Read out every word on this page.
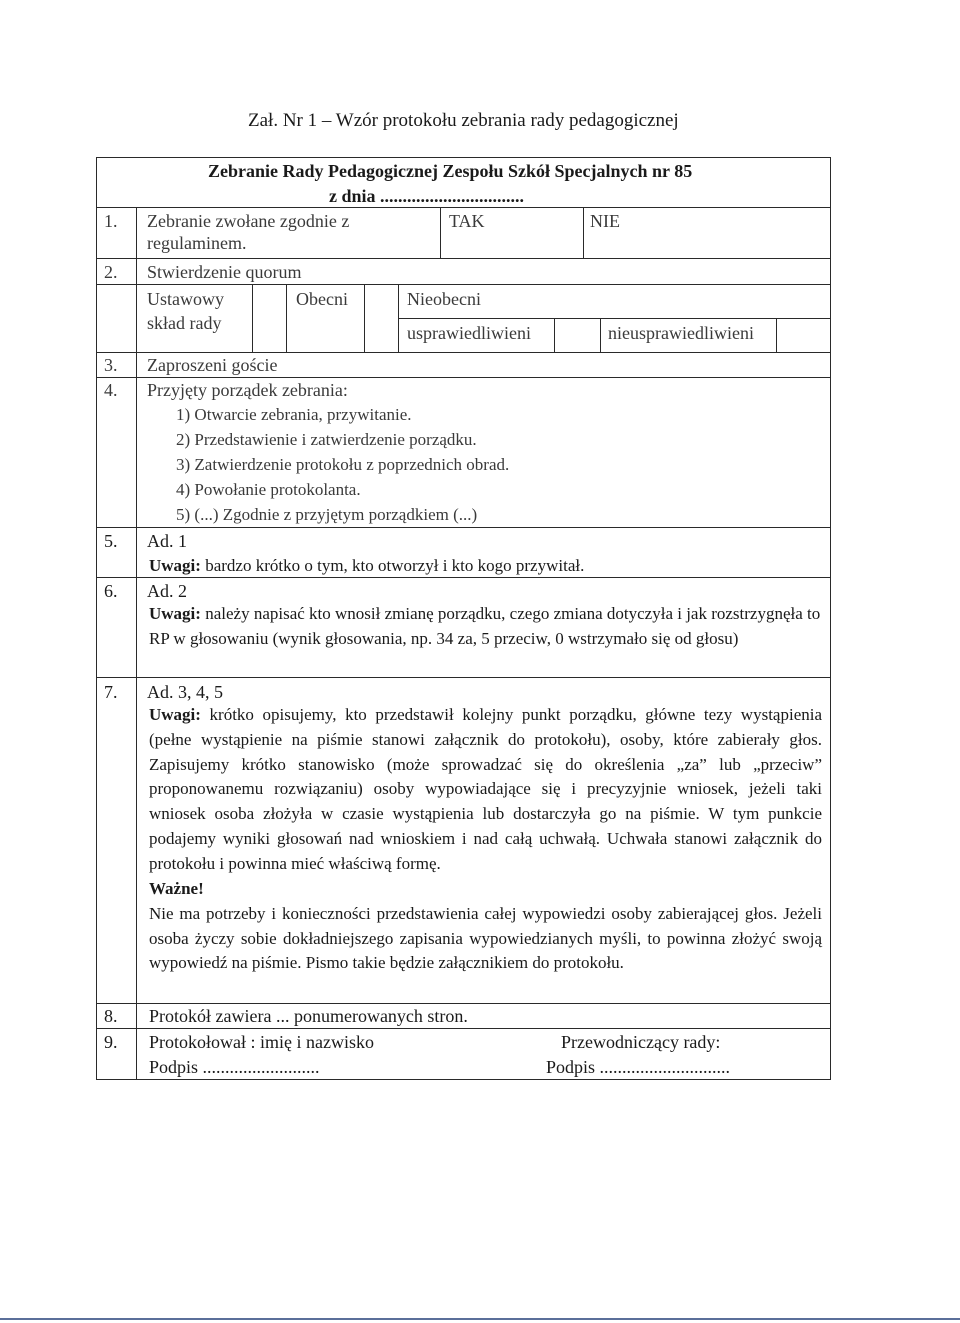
Zał. Nr 1 – Wzór protokołu zebrania rady pedagogicznej
Zebranie Rady Pedagogicznej Zespołu Szkół Specjalnych nr 85
z dnia ................................
1. Zebranie zwołane zgodnie z
regulaminem.
TAK	NIE
2. Stwierdzenie quorum
Ustawowy
skład rady
Obecni	Nieobecni
usprawiedliwieni	nieusprawiedliwieni
3. Zaproszeni goście
4. Przyjęty porządek zebrania:
1) Otwarcie zebrania, przywitanie.
2) Przedstawienie i zatwierdzenie porządku.
3) Zatwierdzenie protokołu z poprzednich obrad.
4) Powołanie protokolanta.
5) (...) Zgodnie z przyjętym porządkiem (...)
5. Ad. 1
Uwagi: bardzo krótko o tym, kto otworzył i kto kogo przywitał.
6. Ad. 2
Uwagi: należy napisać kto wnosił zmianę porządku, czego zmiana dotyczyła i jak rozstrzygnęła to RP w głosowaniu (wynik głosowania, np. 34 za, 5 przeciw, 0 wstrzymało się od głosu)
7. Ad. 3, 4, 5
Uwagi: krótko opisujemy, kto przedstawił kolejny punkt porządku, główne tezy wystąpienia (pełne wystąpienie na piśmie stanowi załącznik do protokołu), osoby, które zabierały głos. Zapisujemy krótko stanowisko (może sprowadzać się do określenia „za” lub „przeciw” proponowanemu rozwiązaniu) osoby wypowiadające się i precyzyjnie wniosek, jeżeli taki wniosek osoba złożyła w czasie wystąpienia lub dostarczyła go na piśmie. W tym punkcie podajemy wyniki głosowań nad wnioskiem i nad całą uchwałą. Uchwała stanowi załącznik do protokołu i powinna mieć właściwą formę.
Ważne!
Nie ma potrzeby i konieczności przedstawienia całej wypowiedzi osoby zabierającej głos. Jeżeli osoba życzy sobie dokładniejszego zapisania wypowiedzianych myśli, to powinna złożyć swoją wypowiedź na piśmie. Pismo takie będzie załącznikiem do protokołu.
8. Protokół zawiera ... ponumerowanych stron.
9. Protokołował : imię i nazwisko
Podpis ..........................
Przewodniczący rady:
Podpis .............................
